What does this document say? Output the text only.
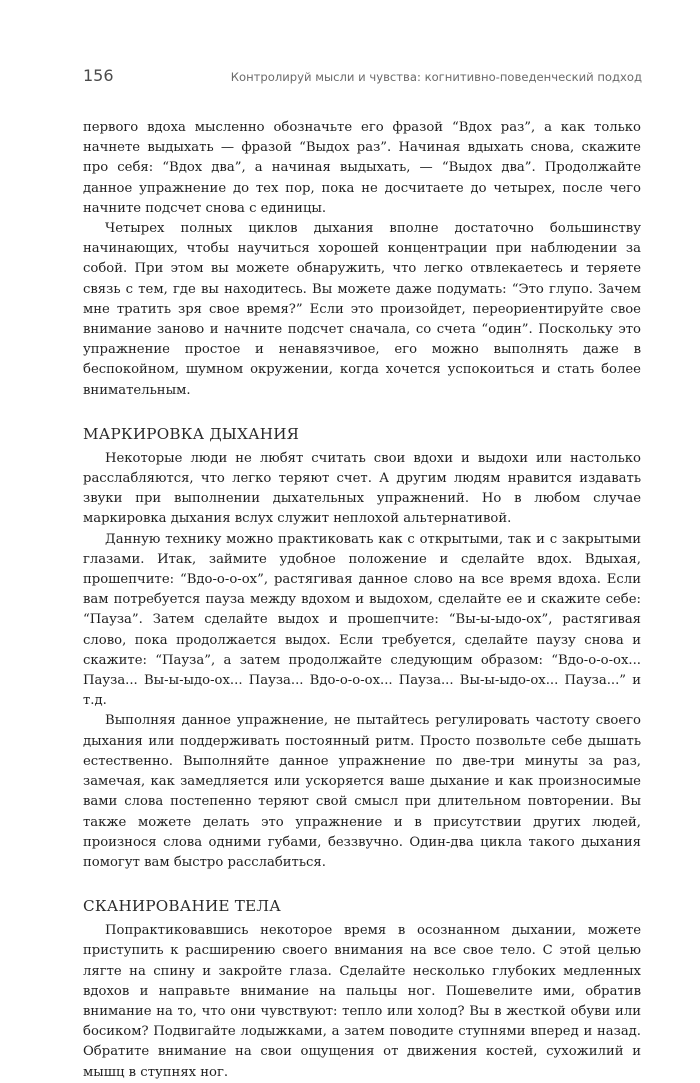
156	Контролируй мысли и чувства: когнитивно-поведенческий подход

первого вдоха мысленно обозначьте его фразой “Вдох раз”, а как только начнете выдыхать — фразой “Выдох раз”. Начиная вдыхать снова, скажите про себя: “Вдох два”, а начиная выдыхать, — “Выдох два”. Продолжайте данное упражнение до тех пор, пока не досчитаете до четырех, после чего начните подсчет снова с единицы.

Четырех полных циклов дыхания вполне достаточно большинству начинающих, чтобы научиться хорошей концентрации при наблюдении за собой. При этом вы можете обнаружить, что легко отвлекаетесь и теряете связь с тем, где вы находитесь. Вы можете даже подумать: “Это глупо. Зачем мне тратить зря свое время?” Если это произойдет, переориентируйте свое внимание заново и начните подсчет сначала, со счета “один”. Поскольку это упражнение простое и ненавязчивое, его можно выполнять даже в беспокойном, шумном окружении, когда хочется успокоиться и стать более внимательным.

МАРКИРОВКА ДЫХАНИЯ

Некоторые люди не любят считать свои вдохи и выдохи или настолько расслабляются, что легко теряют счет. А другим людям нравится издавать звуки при выполнении дыхательных упражнений. Но в любом случае маркировка дыхания вслух служит неплохой альтернативой.

Данную технику можно практиковать как с открытыми, так и с закрытыми глазами. Итак, займите удобное положение и сделайте вдох. Вдыхая, прошепчите: “Вдо-о-о-ох”, растягивая данное слово на все время вдоха. Если вам потребуется пауза между вдохом и выдохом, сделайте ее и скажите себе: “Пауза”. Затем сделайте выдох и прошепчите: “Вы-ы-ыдо-ох”, растягивая слово, пока продолжается выдох. Если требуется, сделайте паузу снова и скажите: “Пауза”, а затем продолжайте следующим образом: “Вдо-о-о-ох... Пауза... Вы-ы-ыдо-ох... Пауза... Вдо-о-о-ох... Пауза... Вы-ы-ыдо-ох... Пауза...” и т.д.

Выполняя данное упражнение, не пытайтесь регулировать частоту своего дыхания или поддерживать постоянный ритм. Просто позвольте себе дышать естественно. Выполняйте данное упражнение по две-три минуты за раз, замечая, как замедляется или ускоряется ваше дыхание и как произносимые вами слова постепенно теряют свой смысл при длительном повторении. Вы также можете делать это упражнение и в присутствии других людей, произнося слова одними губами, беззвучно. Один-два цикла такого дыхания помогут вам быстро расслабиться.

СКАНИРОВАНИЕ ТЕЛА

Попрактиковавшись некоторое время в осознанном дыхании, можете приступить к расширению своего внимания на все свое тело. С этой целью лягте на спину и закройте глаза. Сделайте несколько глубоких медленных вдохов и направьте внимание на пальцы ног. Пошевелите ими, обратив внимание на то, что они чувствуют: тепло или холод? Вы в жесткой обуви или босиком? Подвигайте лодыжками, а затем поводите ступнями вперед и назад. Обратите внимание на свои ощущения от движения костей, сухожилий и мышц в ступнях ног.
